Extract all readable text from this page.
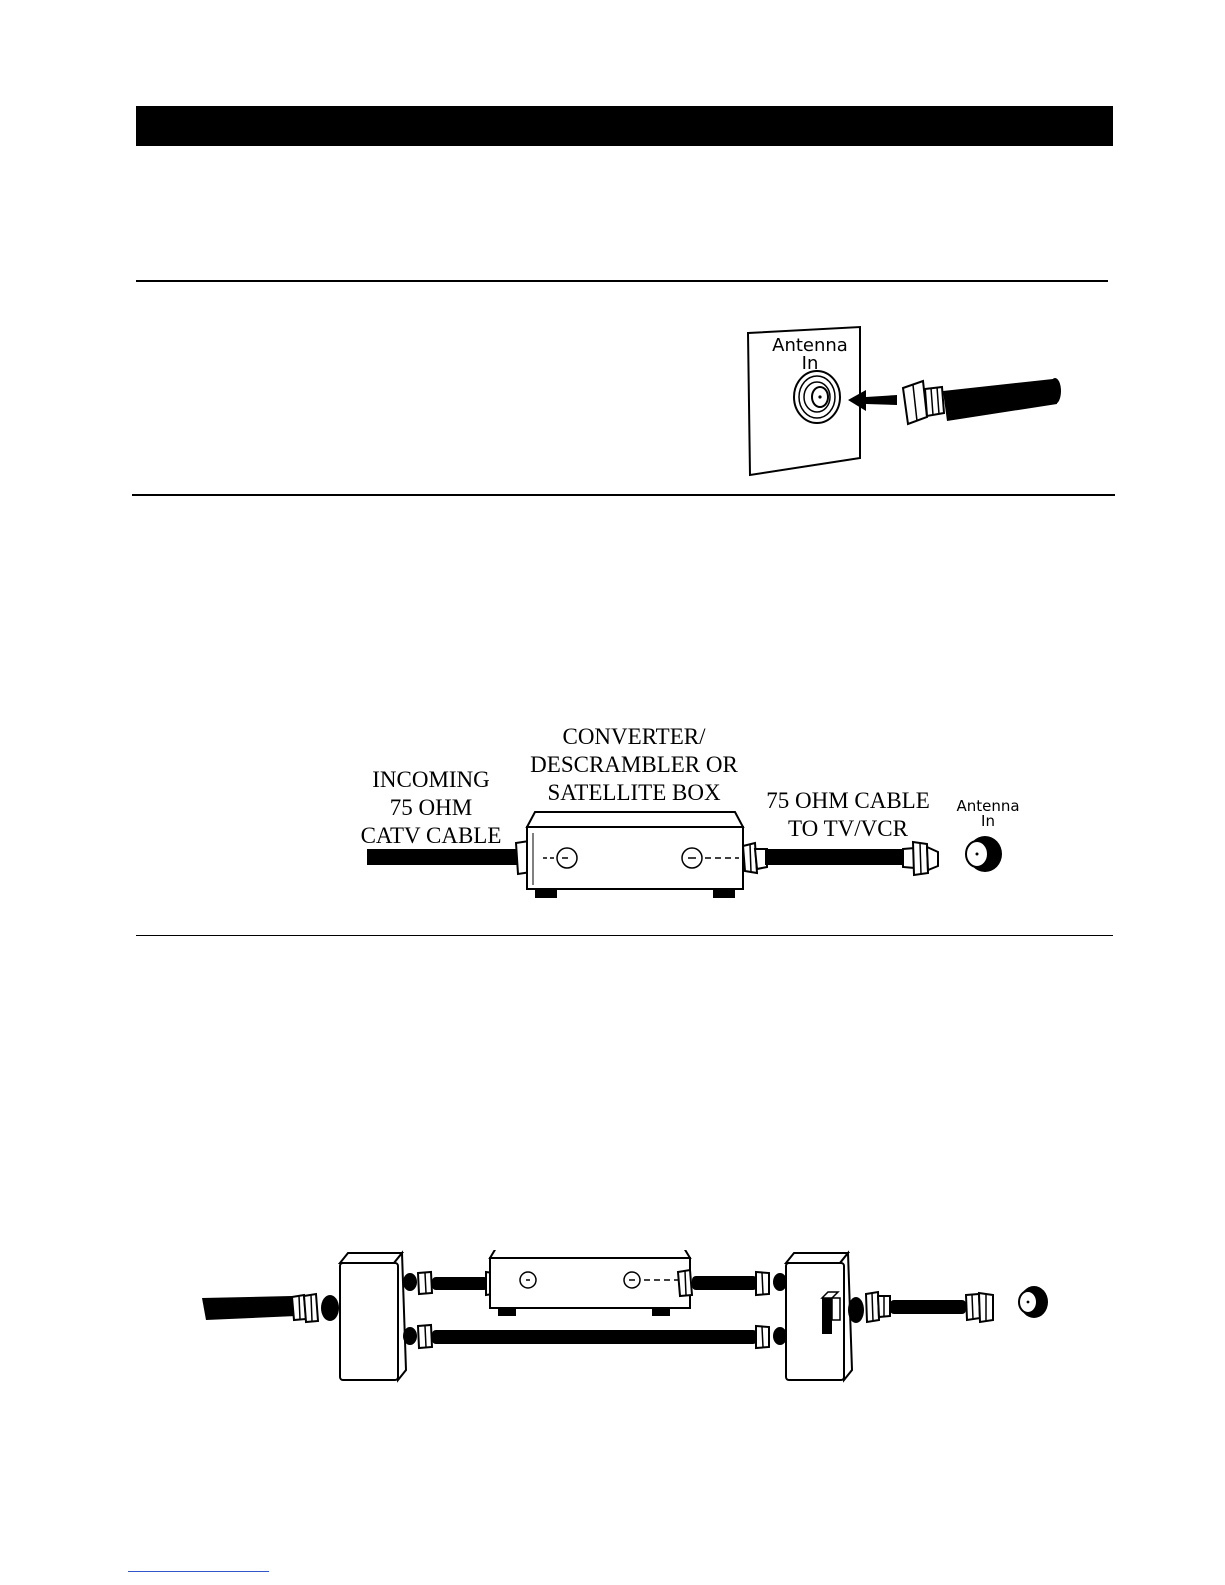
Antenna
In
CONVERTER/
DESCRAMBLER OR
SATELLITE BOX
INCOMING
75 OHM
CATV CABLE
75 OHM CABLE
TO TV/VCR
Antenna
In
